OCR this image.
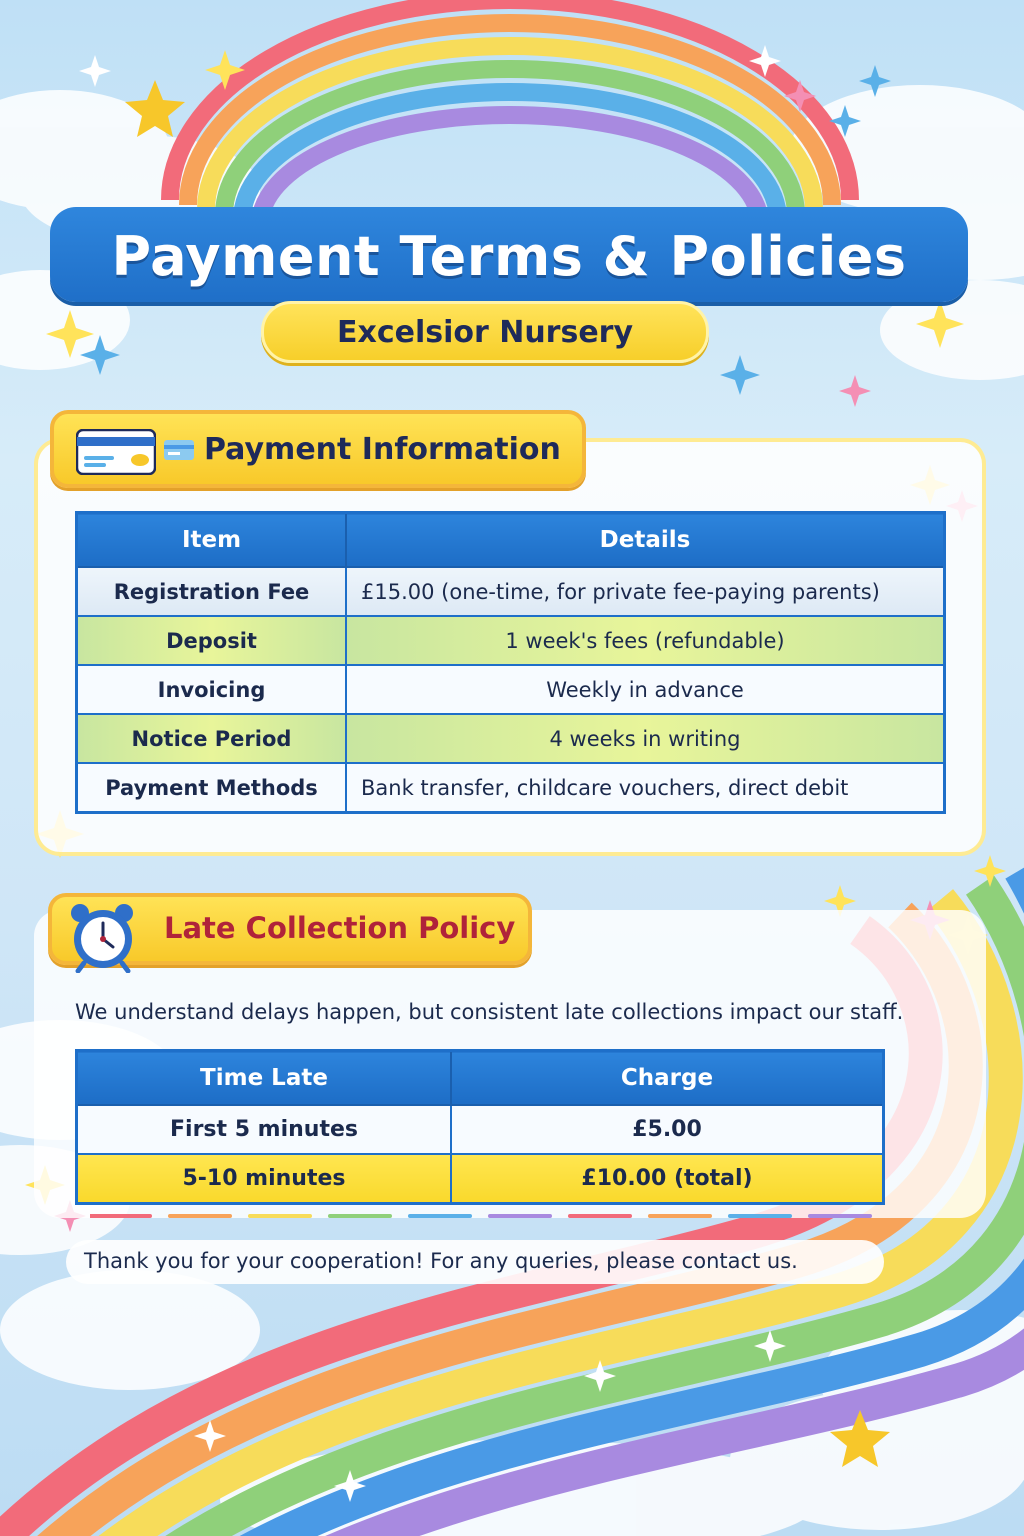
Payment Terms & Policies
Excelsior Nursery
Payment Information
Item	Details
Registration Fee	£15.00 (one-time, for private fee-paying parents)
Deposit	1 week's fees (refundable)
Invoicing	Weekly in advance
Notice Period	4 weeks in writing
Payment Methods	Bank transfer, childcare vouchers, direct debit
Late Collection Policy
We understand delays happen, but consistent late collections impact our staff.
Time Late	Charge
First 5 minutes	£5.00
5-10 minutes	£10.00 (total)
Thank you for your cooperation! For any queries, please contact us.
